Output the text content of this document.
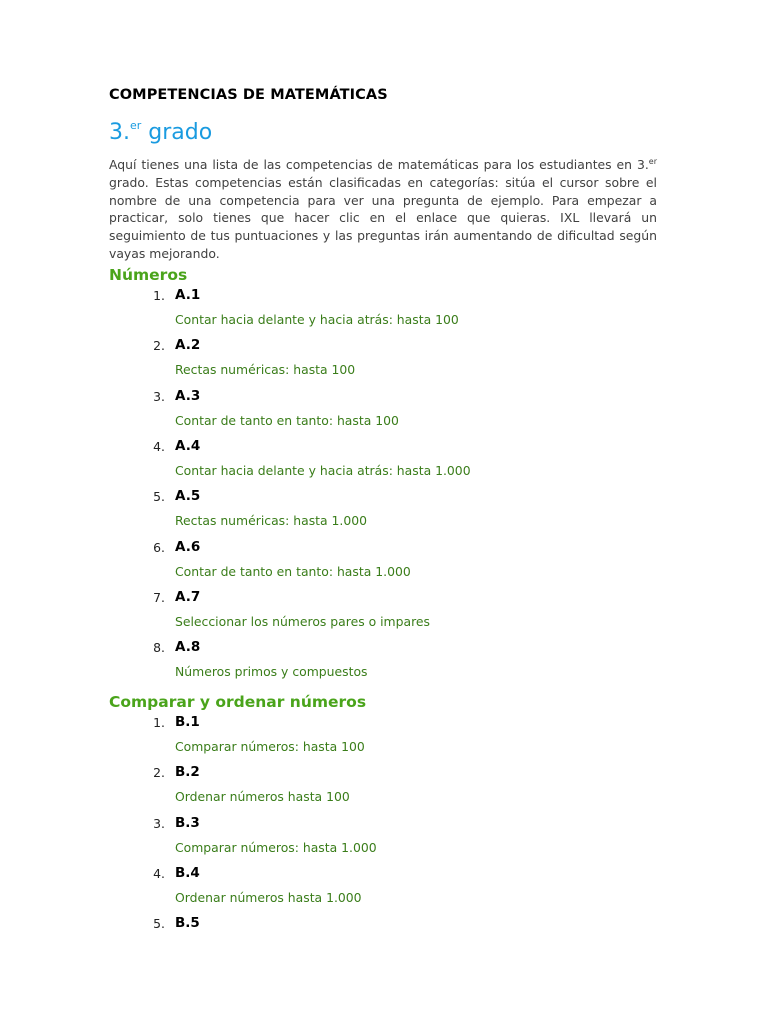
COMPETENCIAS DE MATEMÁTICAS
3.$^{er}$ grado
Aquí tienes una lista de las competencias de matemáticas para los estudiantes en 3.$^{er}$ grado. Estas competencias están clasificadas en categorías: sitúa el cursor sobre el nombre de una competencia para ver una pregunta de ejemplo. Para empezar a practicar, solo tienes que hacer clic en el enlace que quieras. IXL llevará un seguimiento de tus puntuaciones y las preguntas irán aumentando de dificultad según vayas mejorando.
Números
1. A.1
Contar hacia delante y hacia atrás: hasta 100
2. A.2
Rectas numéricas: hasta 100
3. A.3
Contar de tanto en tanto: hasta 100
4. A.4
Contar hacia delante y hacia atrás: hasta 1.000
5. A.5
Rectas numéricas: hasta 1.000
6. A.6
Contar de tanto en tanto: hasta 1.000
7. A.7
Seleccionar los números pares o impares
8. A.8
Números primos y compuestos
Comparar y ordenar números
1. B.1
Comparar números: hasta 100
2. B.2
Ordenar números hasta 100
3. B.3
Comparar números: hasta 1.000
4. B.4
Ordenar números hasta 1.000
5. B.5
